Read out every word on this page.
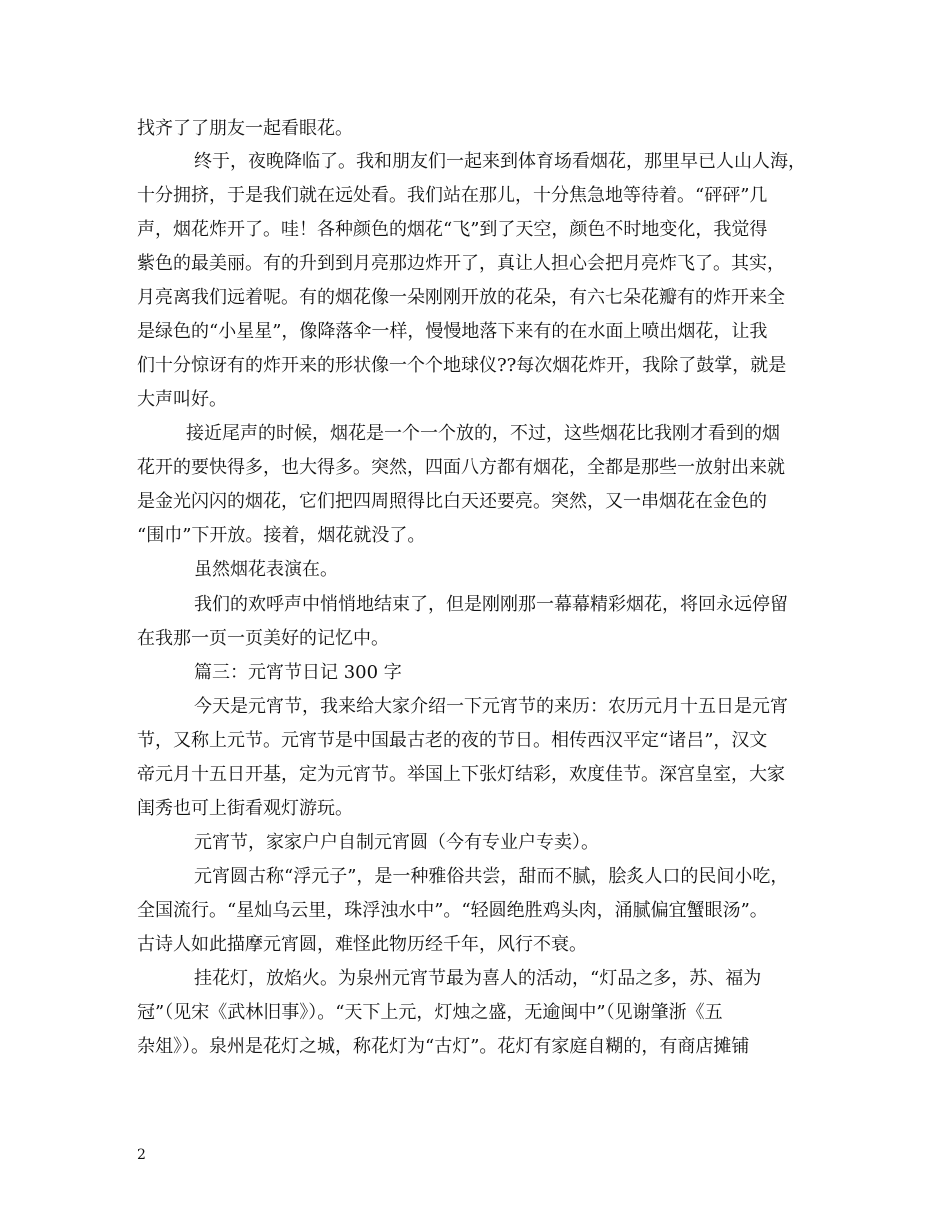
找齐了了朋友一起看眼花。
终于，夜晚降临了。我和朋友们一起来到体育场看烟花，那里早已人山人海，
十分拥挤，于是我们就在远处看。我们站在那儿，十分焦急地等待着。“砰砰”几
声，烟花炸开了。哇！各种颜色的烟花“飞”到了天空，颜色不时地变化，我觉得
紫色的最美丽。有的升到到月亮那边炸开了，真让人担心会把月亮炸飞了。其实，
月亮离我们远着呢。有的烟花像一朵刚刚开放的花朵，有六七朵花瓣有的炸开来全
是绿色的“小星星”，像降落伞一样，慢慢地落下来有的在水面上喷出烟花，让我
们十分惊讶有的炸开来的形状像一个个地球仪??每次烟花炸开，我除了鼓掌，就是
大声叫好。
接近尾声的时候，烟花是一个一个放的，不过，这些烟花比我刚才看到的烟
花开的要快得多，也大得多。突然，四面八方都有烟花，全都是那些一放射出来就
是金光闪闪的烟花，它们把四周照得比白天还要亮。突然，又一串烟花在金色的
“围巾”下开放。接着，烟花就没了。
虽然烟花表演在。
我们的欢呼声中悄悄地结束了，但是刚刚那一幕幕精彩烟花，将回永远停留
在我那一页一页美好的记忆中。
篇三：元宵节日记 300 字
今天是元宵节，我来给大家介绍一下元宵节的来历：农历元月十五日是元宵
节，又称上元节。元宵节是中国最古老的夜的节日。相传西汉平定“诸吕”，汉文
帝元月十五日开基，定为元宵节。举国上下张灯结彩，欢度佳节。深宫皇室，大家
闺秀也可上街看观灯游玩。
元宵节，家家户户自制元宵圆（今有专业户专卖）。
元宵圆古称“浮元子”，是一种雅俗共尝，甜而不腻，脍炙人口的民间小吃，
全国流行。“星灿乌云里，珠浮浊水中”。“轻圆绝胜鸡头肉，涌腻偏宜蟹眼汤”。
古诗人如此描摩元宵圆，难怪此物历经千年，风行不衰。
挂花灯，放焰火。为泉州元宵节最为喜人的活动，“灯品之多，苏、福为
冠”（见宋《武林旧事》）。“天下上元，灯烛之盛，无逾闽中”（见谢肇浙《五
杂俎》）。泉州是花灯之城，称花灯为“古灯”。花灯有家庭自糊的，有商店摊铺
2
